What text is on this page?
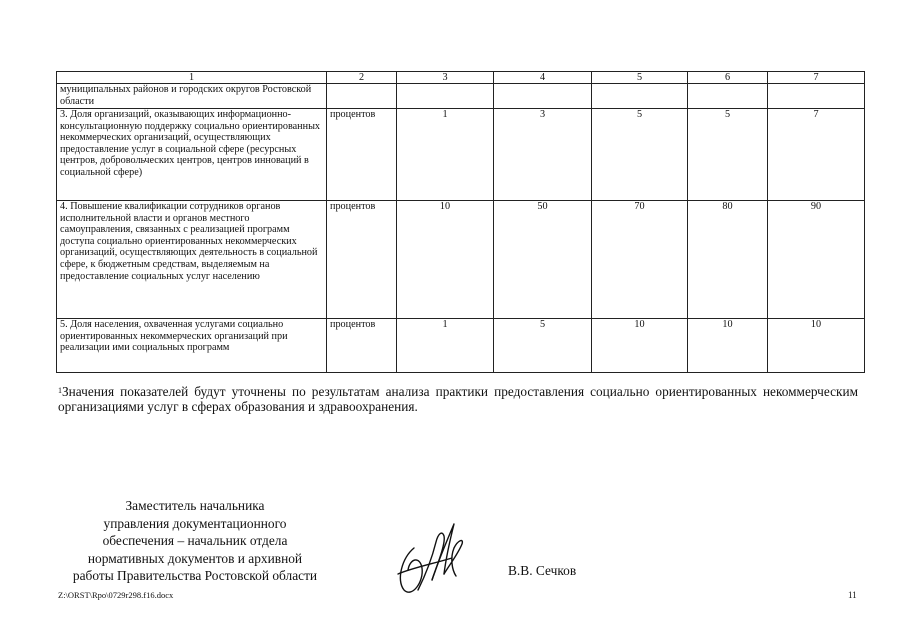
1	2	3	4	5	6	7
муниципальных районов и городских округов Ростовской области						
3. Доля организаций, оказывающих информационно-консультационную поддержку социально ориентированных некоммерческих организаций, осуществляющих предоставление услуг в социальной сфере (ресурсных центров, добровольческих центров, центров инноваций в социальной сфере)	процентов	1	3	5	5	7
4. Повышение квалификации сотрудников органов исполнительной власти и органов местного самоуправления, связанных с реализацией программ доступа социально ориентированных некоммерческих организаций, осуществляющих деятельность в социальной сфере, к бюджетным средствам, выделяемым на предоставление социальных услуг населению	процентов	10	50	70	80	90
5. Доля населения, охваченная услугами социально ориентированных некоммерческих организаций при реализации ими социальных программ	процентов	1	5	10	10	10
$^1$Значения показателей будут уточнены по результатам анализа практики предоставления социально ориентированных некоммерческим организациями услуг в сферах образования и здравоохранения.
Заместитель начальника
управления документационного
обеспечения – начальник отдела
нормативных документов и архивной
работы Правительства Ростовской области	В.В. Сечков
Z:\ORST\Rpo\0729r298.f16.docx	11
